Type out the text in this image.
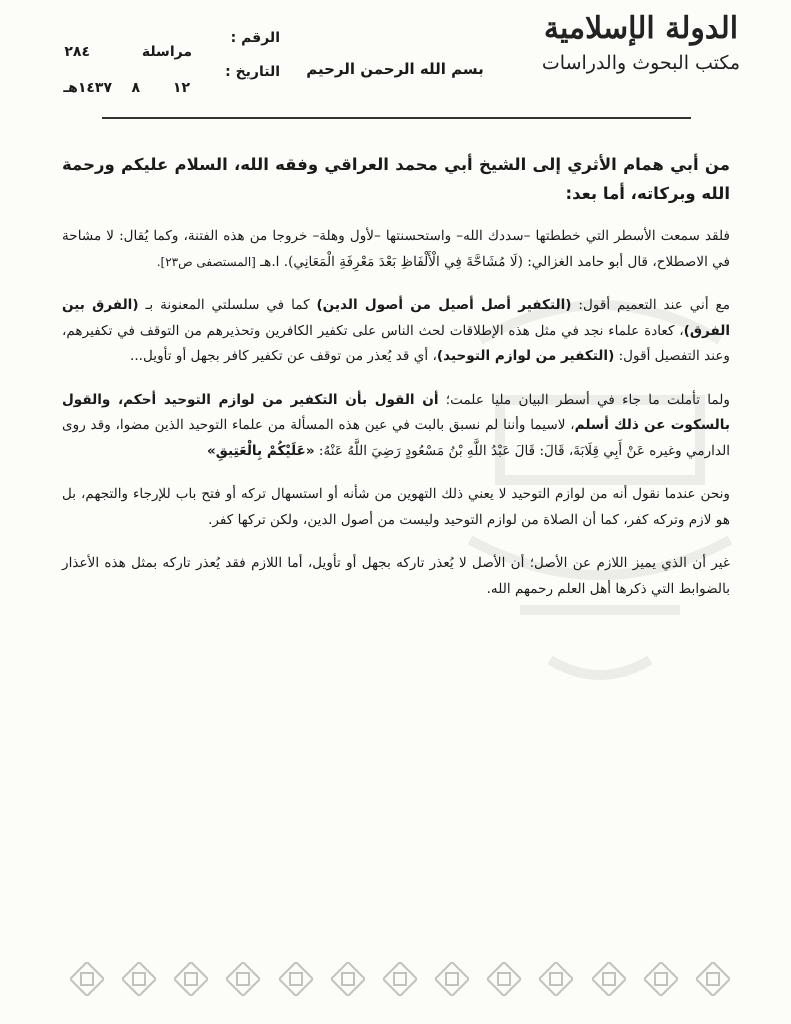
الدولة الإسلامية
مكتب البحوث والدراسات
بسم الله الرحمن الرحيم
الرقم :
مراسلة
٢٨٤
التاريخ :
١٢
٨
١٤٣٧هـ
من أبي همام الأثري إلى الشيخ أبي محمد العراقي وفقه الله، السلام عليكم ورحمة الله وبركاته، أما بعد:

فلقد سمعت الأسطر التي خططتها –سددك الله– واستحسنتها –لأول وهلة– خروجا من هذه الفتنة، وكما يُقال: لا مشاحة في الاصطلاح، قال أبو حامد الغزالي: (لَا مُشَاحَّةَ فِي الْأَلْفَاظِ بَعْدَ مَعْرِفَةِ الْمَعَانِي). ا.هـ [المستصفى ص٢٣].

مع أني عند التعميم أقول: (التكفير أصل أصيل من أصول الدين) كما في سلسلتي المعنونة بـ (الفرق بين الفرق)، كعادة علماء نجد في مثل هذه الإطلاقات لحث الناس على تكفير الكافرين وتحذيرهم من التوقف في تكفيرهم، وعند التفصيل أقول: (التكفير من لوازم التوحيد)، أي قد يُعذر من توقف عن تكفير كافر بجهل أو تأويل...

ولما تأملت ما جاء في أسطر البيان مليا علمت؛ أن القول بأن التكفير من لوازم التوحيد أحكم، والقول بالسكوت عن ذلك أسلم، لاسيما وأننا لم نسبق بالبت في عين هذه المسألة من علماء التوحيد الذين مضوا، وقد روى الدارمي وغيره عَنْ أَبِي قِلَابَةَ، قَالَ: قَالَ عَبْدُ اللَّهِ بْنُ مَسْعُودٍ رَضِيَ اللَّهُ عَنْهُ: «عَلَيْكُمْ بِالْعَتِيقِ»

ونحن عندما نقول أنه من لوازم التوحيد لا يعني ذلك التهوين من شأنه أو استسهال تركه أو فتح باب للإرجاء والتجهم، بل هو لازم وتركه كفر، كما أن الصلاة من لوازم التوحيد وليست من أصول الدين، ولكن تركها كفر.

غير أن الذي يميز اللازم عن الأصل؛ أن الأصل لا يُعذر تاركه بجهل أو تأويل، أما اللازم فقد يُعذر تاركه بمثل هذه الأعذار بالضوابط التي ذكرها أهل العلم رحمهم الله.
